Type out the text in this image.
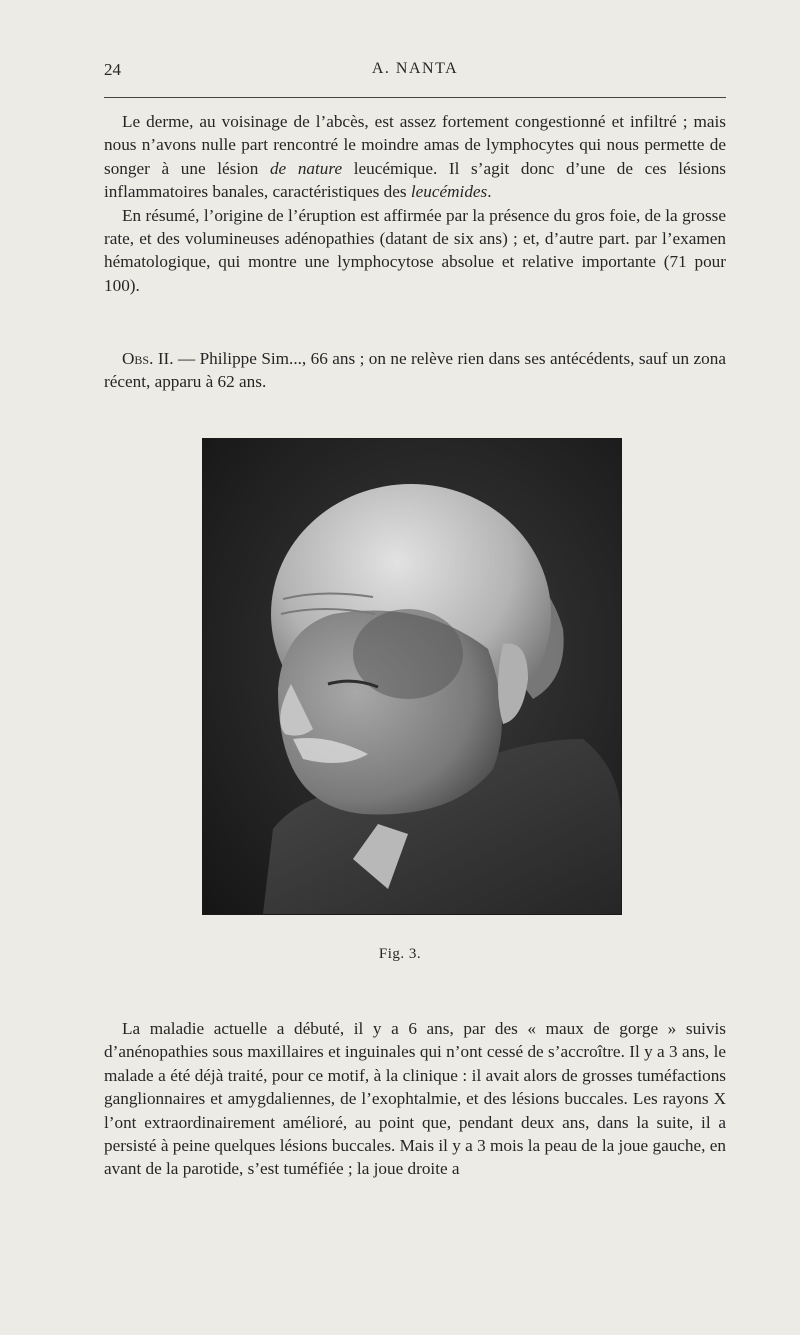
24	A. NANTA

Le derme, au voisinage de l’abcès, est assez fortement congestionné et infiltré ; mais nous n’avons nulle part rencontré le moindre amas de lymphocytes qui nous permette de songer à une lésion de nature leucémique. Il s’agit donc d’une de ces lésions inflammatoires banales, caractéristiques des leucémides.

En résumé, l’origine de l’éruption est affirmée par la présence du gros foie, de la grosse rate, et des volumineuses adénopathies (datant de six ans) ; et, d’autre part. par l’examen hématologique, qui montre une lymphocytose absolue et relative importante (71 pour 100).

Obs. II. — Philippe Sim..., 66 ans ; on ne relève rien dans ses antécédents, sauf un zona récent, apparu à 62 ans.

Fig. 3.

La maladie actuelle a débuté, il y a 6 ans, par des « maux de gorge » suivis d’anénopathies sous maxillaires et inguinales qui n’ont cessé de s’accroître. Il y a 3 ans, le malade a été déjà traité, pour ce motif, à la clinique : il avait alors de grosses tuméfactions ganglionnaires et amygdaliennes, de l’exophtalmie, et des lésions buccales. Les rayons X l’ont extraordinairement amélioré, au point que, pendant deux ans, dans la suite, il a persisté à peine quelques lésions buccales. Mais il y a 3 mois la peau de la joue gauche, en avant de la parotide, s’est tuméfiée ; la joue droite a
